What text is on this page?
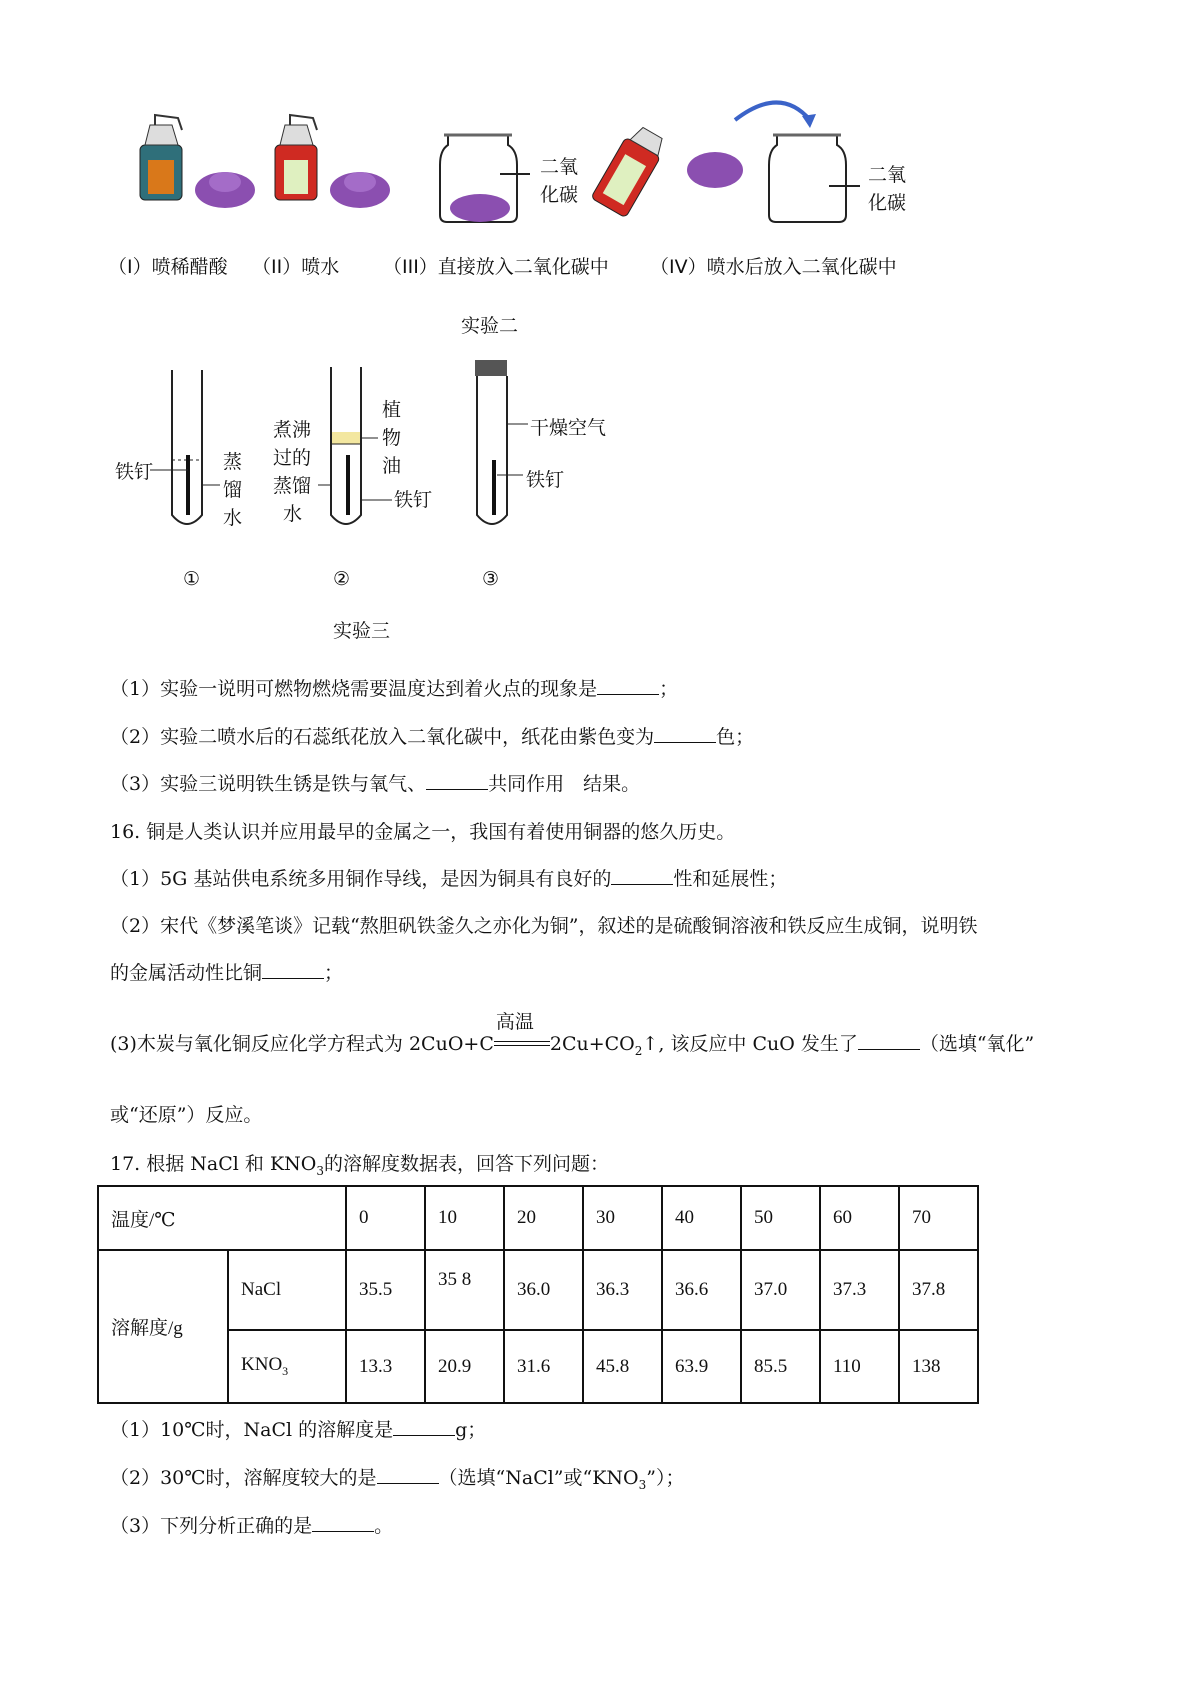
二氧
化碳
二氧
化碳
（I）喷稀醋酸 （II）喷水 （III）直接放入二氧化碳中 （IV）喷水后放入二氧化碳中
实验二
铁钉	蒸
馏
水
煮沸
过的
蒸馏
水
植
物
油
铁钉
干燥空气
铁钉
①	②	③
实验三
（1）实验一说明可燃物燃烧需要温度达到着火点的现象是	；
（2）实验二喷水后的石蕊纸花放入二氧化碳中，纸花由紫色变为	色；
（3）实验三说明铁生锈是铁与氧气、	共同作用　结果。
16. 铜是人类认识并应用最早的金属之一，我国有着使用铜器的悠久历史。
（1）5G 基站供电系统多用铜作导线，是因为铜具有良好的	性和延展性；
（2）宋代《梦溪笔谈》记载“熬胆矾铁釜久之亦化为铜”，叙述的是硫酸铜溶液和铁反应生成铜，说明铁
的金属活动性比铜	；
(3)木炭与氧化铜反应化学方程式为 2CuO+C
高温
$2Cu+CO_2↑$, 该反应中 CuO 发生了	（选填“氧化”
或“还原”）反应。
17. 根据 NaCl 和 $KNO_3$的溶解度数据表，回答下列问题：
温度/℃		0	10	20	30	40	50	60	70
溶解度/g	NaCl	35.5	35 8	36.0	36.3	36.6	37.0	37.3	37.8
	$KNO_3$	13.3	20.9	31.6	45.8	63.9	85.5	110	138
（1）10℃时，NaCl 的溶解度是	g；
（2）30℃时，溶解度较大的是	（选填“NaCl”或“$KNO_3$”）；
（3）下列分析正确的是	。
